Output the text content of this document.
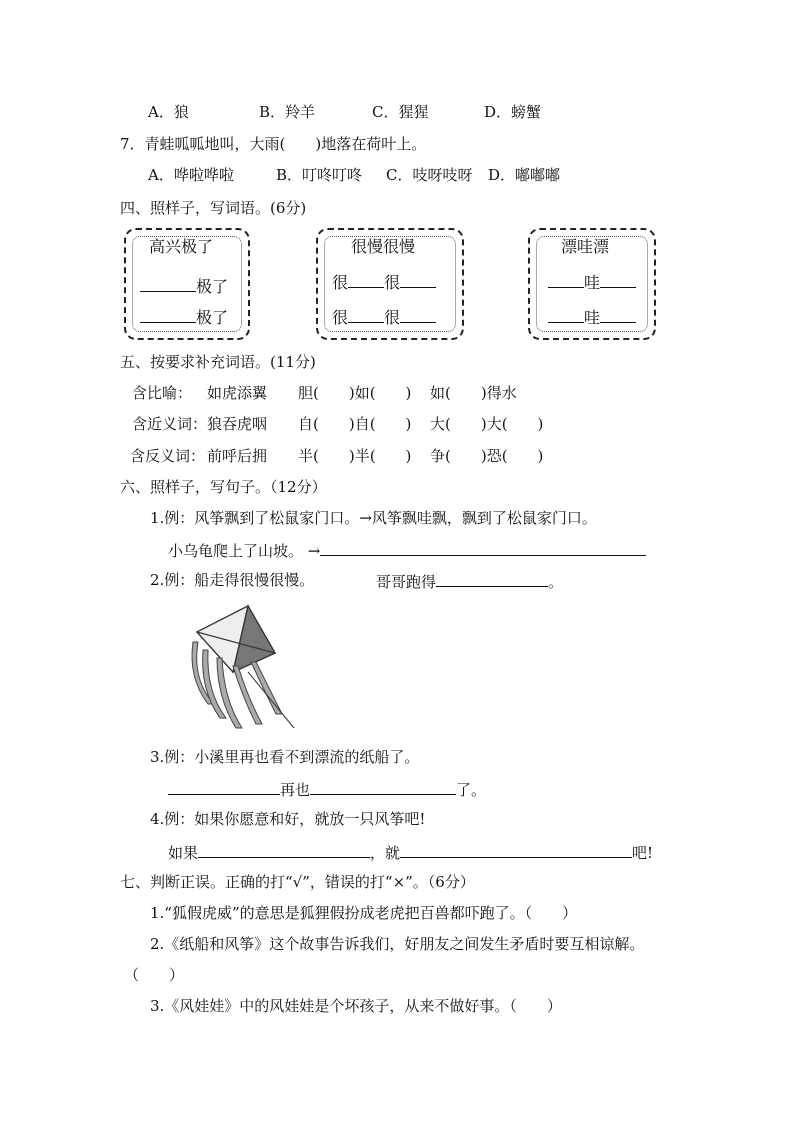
A．狼	B．羚羊	C．猩猩	D．螃蟹
7．青蛙呱呱地叫，大雨(　　)地落在荷叶上。
A．哗啦哗啦	B．叮咚叮咚 C．吱呀吱呀 D．嘟嘟嘟
四、照样子，写词语。(6分)
高兴极了
极了
极了
很慢很慢
很 很
很 很
漂哇漂
哇
哇
五、按要求补充词语。(11分)
含比喻： 如虎添翼 胆(　　)如(　　) 如(　　)得水
含近义词： 狼吞虎咽 自(　　)自(　　) 大(　　)大(　　)
含反义词： 前呼后拥 半(　　)半(　　) 争(　　)恐(　　)
六、照样子，写句子。（12分）
1.例：风筝飘到了松鼠家门口。→风筝飘哇飘，飘到了松鼠家门口。
小乌龟爬上了山坡。 →
2.例：船走得很慢很慢。	哥哥跑得	。
3.例：小溪里再也看不到漂流的纸船了。
再也	了。
4.例：如果你愿意和好，就放一只风筝吧!
如果	，就	吧!
七、判断正误。正确的打“√”，错误的打“×”。（6分）
1.“狐假虎威”的意思是狐狸假扮成老虎把百兽都吓跑了。（　　）
2.《纸船和风筝》这个故事告诉我们，好朋友之间发生矛盾时要互相谅解。
（　　）
3.《风娃娃》中的风娃娃是个坏孩子，从来不做好事。（　　）
